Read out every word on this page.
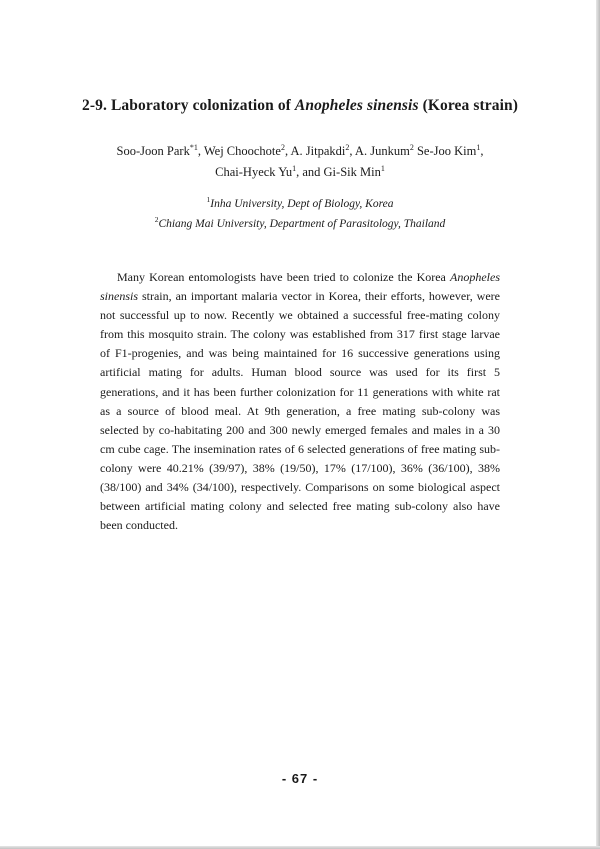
2-9. Laboratory colonization of Anopheles sinensis (Korea strain)
Soo-Joon Park$^{*1}$, Wej Choochote$^2$, A. Jitpakdi$^2$, A. Junkum$^2$ Se-Joo Kim$^1$,
Chai-Hyeck Yu$^1$, and Gi-Sik Min$^1$
$^1$Inha University, Dept of Biology, Korea
$^2$Chiang Mai University, Department of Parasitology, Thailand

Many Korean entomologists have been tried to colonize the Korea Anopheles sinensis strain, an important malaria vector in Korea, their efforts, however, were not successful up to now. Recently we obtained a successful free-mating colony from this mosquito strain. The colony was established from 317 first stage larvae of F1-progenies, and was being maintained for 16 successive generations using artificial mating for adults. Human blood source was used for its first 5 generations, and it has been further colonization for 11 generations with white rat as a source of blood meal. At 9th generation, a free mating sub-colony was selected by co-habitating 200 and 300 newly emerged females and males in a 30 cm cube cage. The insemination rates of 6 selected generations of free mating sub-colony were 40.21% (39/97), 38% (19/50), 17% (17/100), 36% (36/100), 38% (38/100) and 34% (34/100), respectively. Comparisons on some biological aspect between artificial mating colony and selected free mating sub-colony also have been conducted.

- 67 -
